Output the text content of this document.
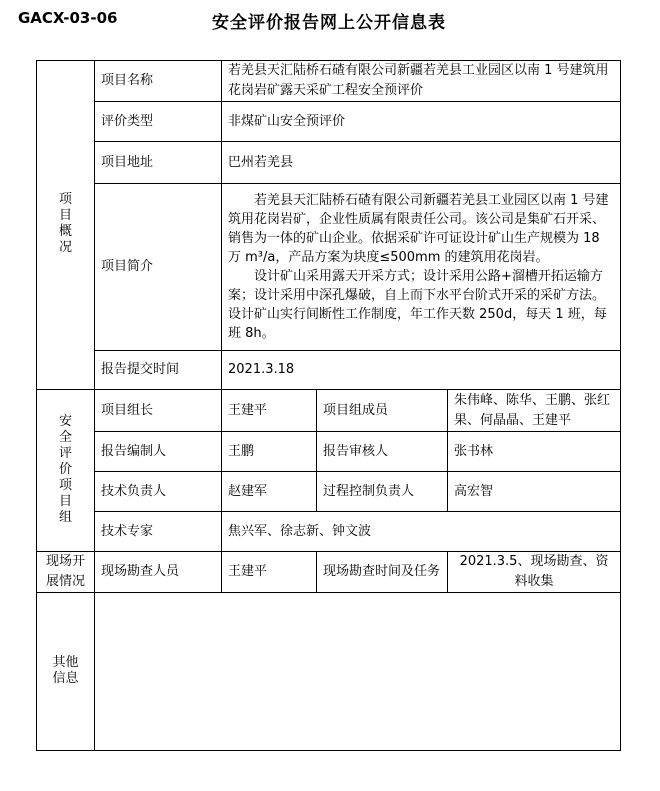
GACX-03-06	安全评价报告网上公开信息表
项目概况	项目名称	若羌县天汇陆桥石碴有限公司新疆若羌县工业园区以南 1 号建筑用花岗岩矿露天采矿工程安全预评价		
	评价类型	非煤矿山安全预评价		
	项目地址	巴州若羌县		
	项目简介	若羌县天汇陆桥石碴有限公司新疆若羌县工业园区以南 1 号建筑用花岗岩矿，企业性质属有限责任公司。该公司是集矿石开采、销售为一体的矿山企业。依据采矿许可证设计矿山生产规模为 18 万 m³/a，产品方案为块度≤500mm 的建筑用花岗岩。

设计矿山采用露天开采方式；设计采用公路+溜槽开拓运输方案；设计采用中深孔爆破，自上而下水平台阶式开采的采矿方法。设计矿山实行间断性工作制度，年工作天数 250d，每天 1 班，每班 8h。		

	报告提交时间	2021.3.18		
安全评价项目组	项目组长	王建平	项目组成员	朱伟峰、陈华、王鹏、张红果、何晶晶、王建平
	报告编制人	王鹏	报告审核人	张书林
	技术负责人	赵建军	过程控制负责人	高宏智
	技术专家	焦兴军、徐志新、钟文波		
现场开展情况	现场勘查人员	王建平	现场勘查时间及任务	2021.3.5、现场勘查、资料收集
其他信息				
